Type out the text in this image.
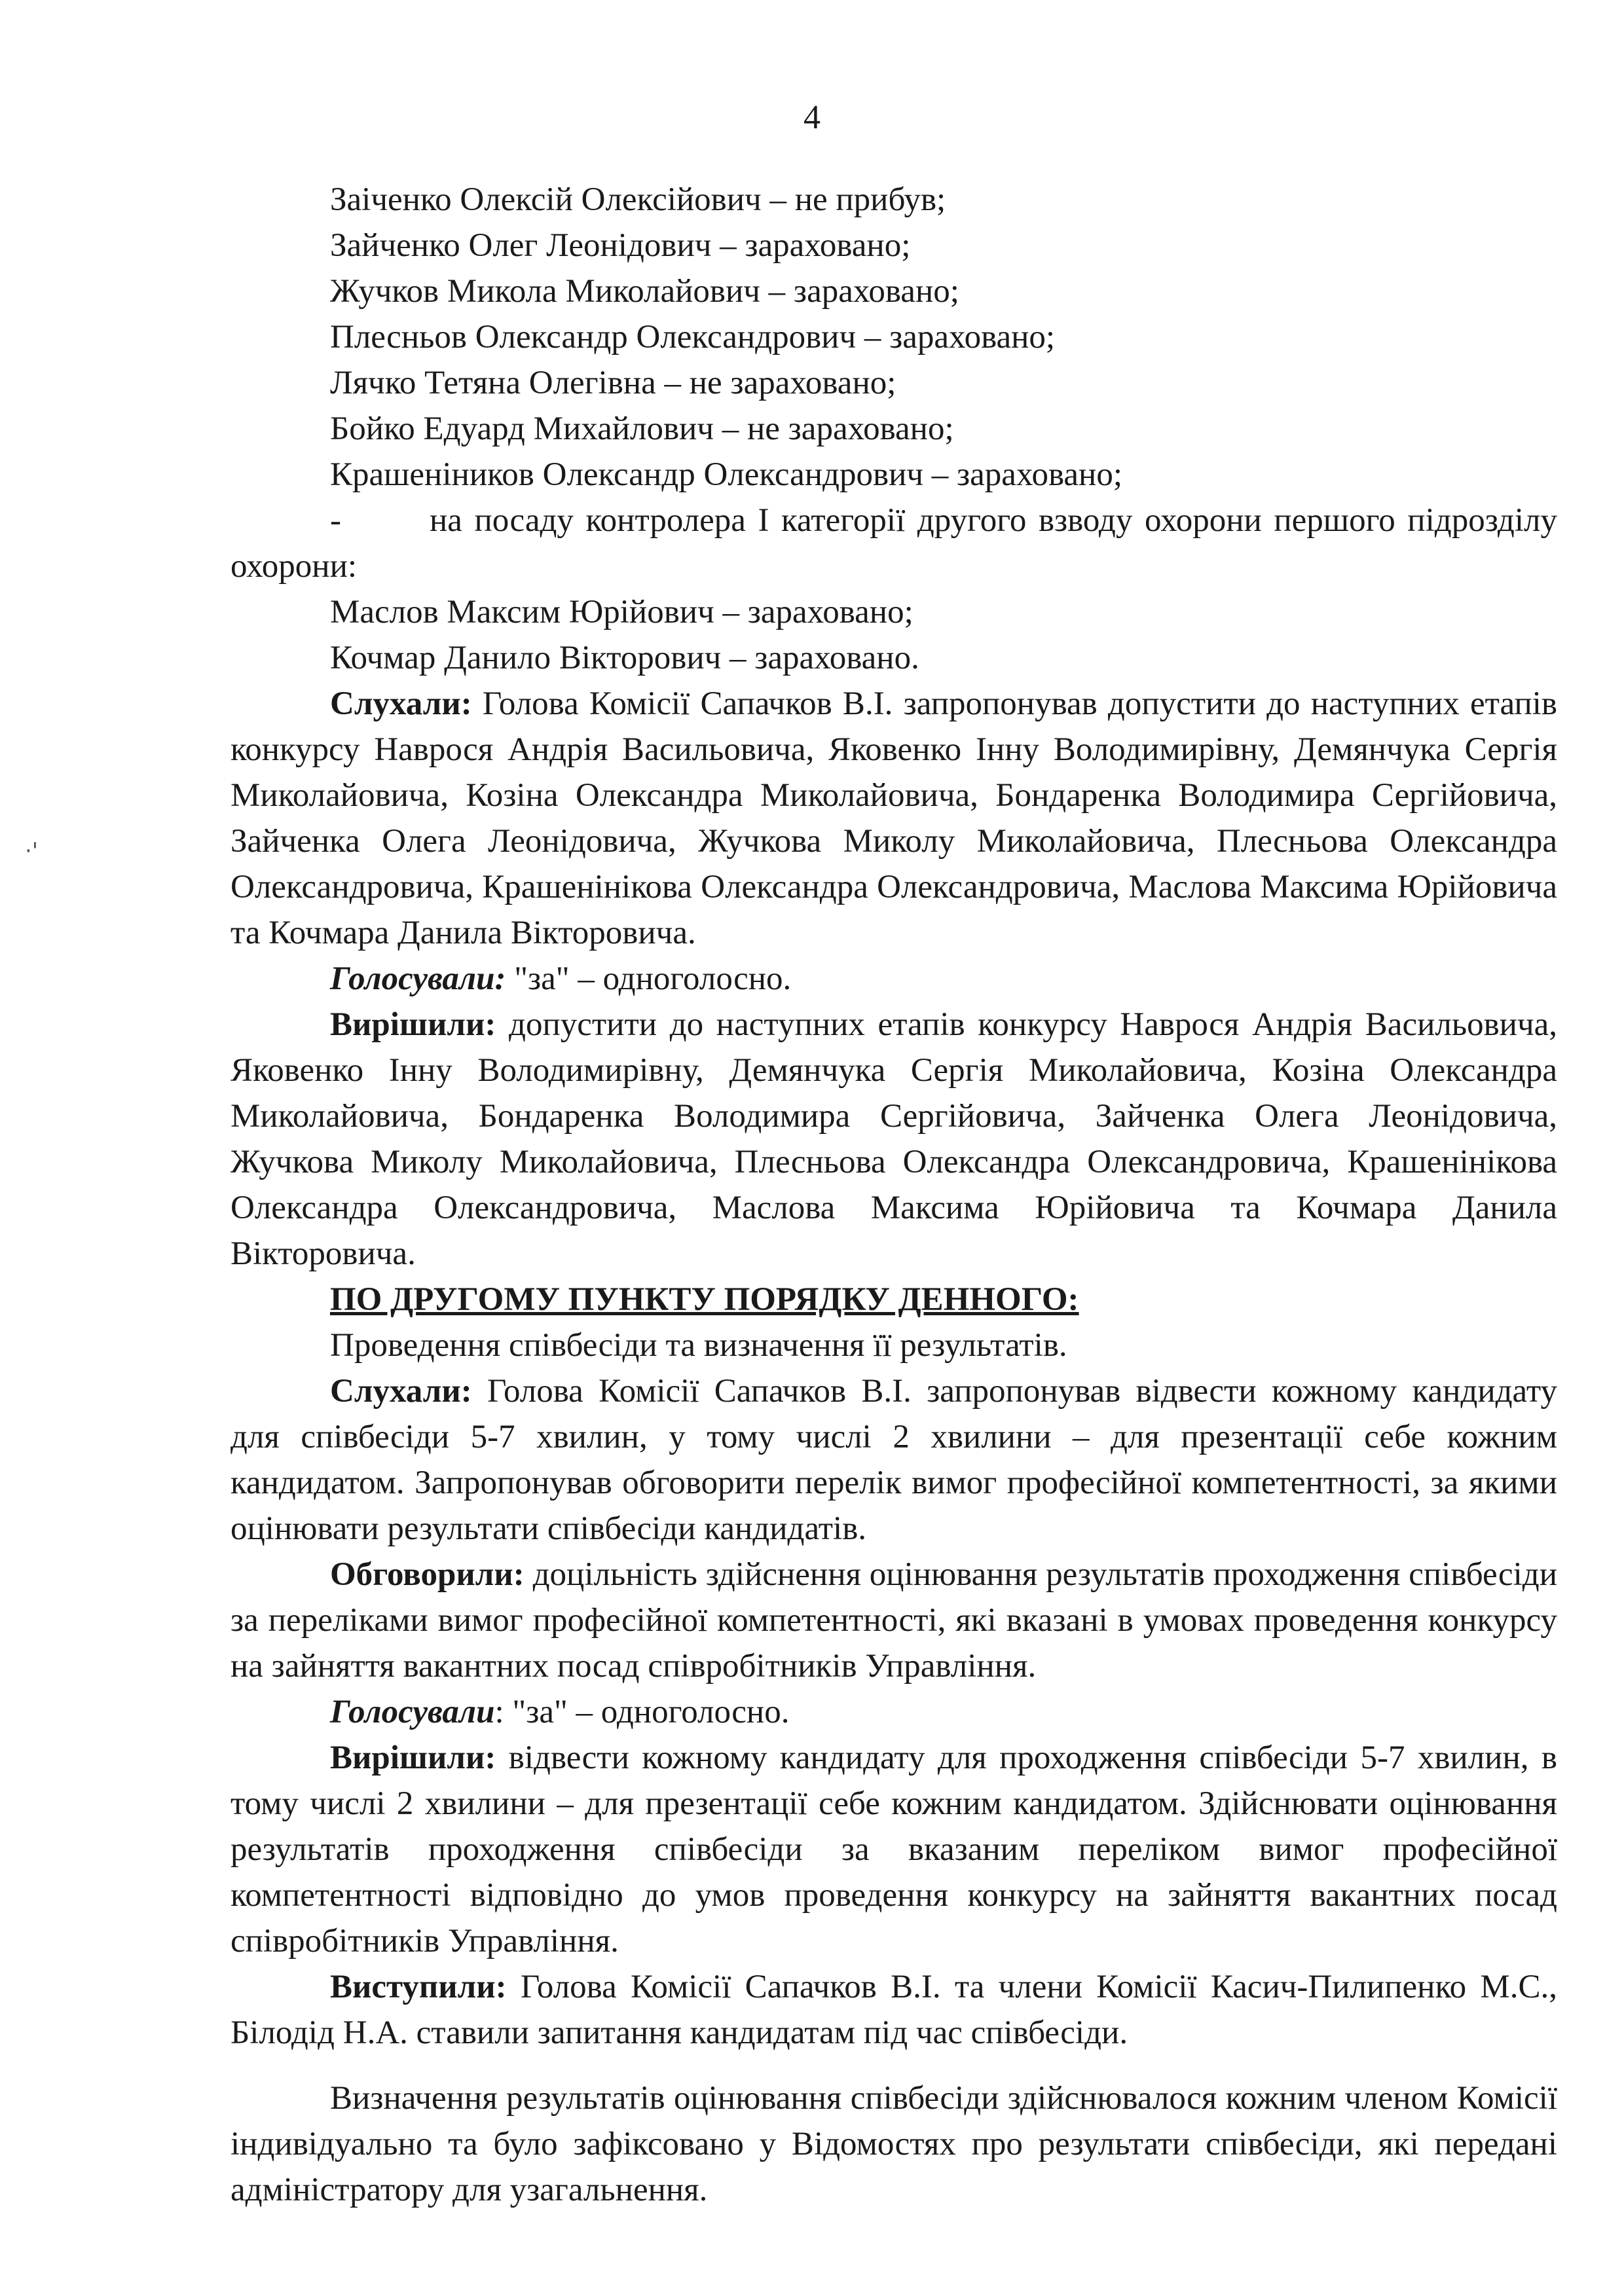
·'
4
Заіченко Олексій Олексійович – не прибув;
Зайченко Олег Леонідович – зараховано;
Жучков Микола Миколайович – зараховано;
Плесньов Олександр Олександрович – зараховано;
Лячко Тетяна Олегівна – не зараховано;
Бойко Едуард Михайлович – не зараховано;
Крашеніников Олександр Олександрович – зараховано;

-	на посаду контролера І категорії другого взводу охорони першого підрозділу охорони:

Маслов Максим Юрійович – зараховано;
Кочмар Данило Вікторович – зараховано.

Слухали: Голова Комісії Сапачков В.І. запропонував допустити до наступних етапів конкурсу Наврося Андрія Васильовича, Яковенко Інну Володимирівну, Демянчука Сергія Миколайовича, Козіна Олександра Миколайовича, Бондаренка Володимира Сергійовича, Зайченка Олега Леонідовича, Жучкова Миколу Миколайовича, Плесньова Олександра Олександровича, Крашенінікова Олександра Олександровича, Маслова Максима Юрійовича та Кочмара Данила Вікторовича.

Голосували: "за" – одноголосно.

Вирішили: допустити до наступних етапів конкурсу Наврося Андрія Васильовича, Яковенко Інну Володимирівну, Демянчука Сергія Миколайовича, Козіна Олександра Миколайовича, Бондаренка Володимира Сергійовича, Зайченка Олега Леонідовича, Жучкова Миколу Миколайовича, Плесньова Олександра Олександровича, Крашенінікова Олександра Олександровича, Маслова Максима Юрійовича та Кочмара Данила Вікторовича.

ПО ДРУГОМУ ПУНКТУ ПОРЯДКУ ДЕННОГО:
Проведення співбесіди та визначення її результатів.

Слухали: Голова Комісії Сапачков В.І. запропонував відвести кожному кандидату для співбесіди 5-7 хвилин, у тому числі 2 хвилини – для презентації себе кожним кандидатом. Запропонував обговорити перелік вимог професійної компетентності, за якими оцінювати результати співбесіди кандидатів.

Обговорили: доцільність здійснення оцінювання результатів проходження співбесіди за переліками вимог професійної компетентності, які вказані в умовах проведення конкурсу на зайняття вакантних посад співробітників Управління.

Голосували: "за" – одноголосно.

Вирішили: відвести кожному кандидату для проходження співбесіди 5-7 хвилин, в тому числі 2 хвилини – для презентації себе кожним кандидатом. Здійснювати оцінювання результатів проходження співбесіди за вказаним переліком вимог професійної компетентності відповідно до умов проведення конкурсу на зайняття вакантних посад співробітників Управління.

Виступили: Голова Комісії Сапачков В.І. та члени Комісії Касич-Пилипенко М.С., Білодід Н.А. ставили запитання кандидатам під час співбесіди.

Визначення результатів оцінювання співбесіди здійснювалося кожним членом Комісії індивідуально та було зафіксовано у Відомостях про результати співбесіди, які передані адміністратору для узагальнення.
